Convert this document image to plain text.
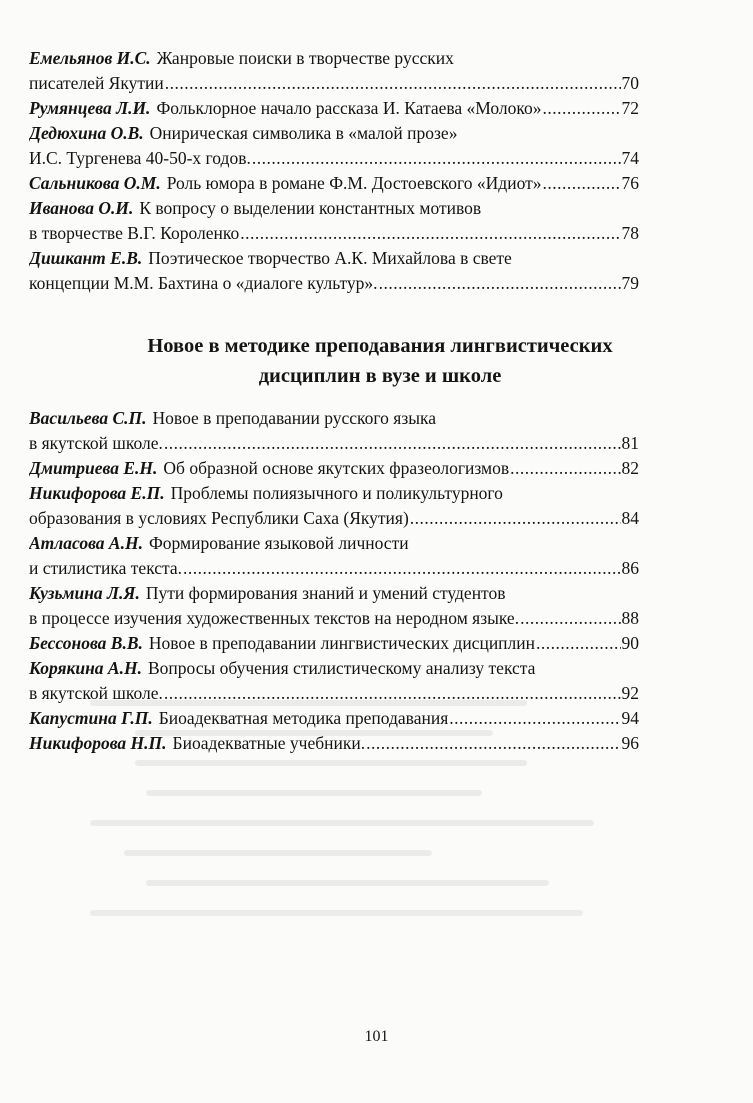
Емельянов И.С. Жанровые поиски в творчестве русских
писателей Якутии .....	70
Румянцева Л.И. Фольклорное начало рассказа И. Катаева «Молоко» .....	72
Дедюхина О.В. Онирическая символика в «малой прозе»
И.С. Тургенева 40-50-х годов. .....	74
Сальникова О.М. Роль юмора в романе Ф.М. Достоевского «Идиот» .....	76
Иванова О.И. К вопросу о выделении константных мотивов
в творчестве В.Г. Короленко .....	78
Дишкант Е.В. Поэтическое творчество А.К. Михайлова в свете
концепции М.М. Бахтина о «диалоге культур». .....	79
Новое в методике преподавания лингвистических
дисциплин в вузе и школе
Васильева С.П. Новое в преподавании русского языка
в якутской школе. .....	81
Дмитриева Е.Н. Об образной основе якутских фразеологизмов .....	82
Никифорова Е.П. Проблемы полиязычного и поликультурного
образования в условиях Республики Саха (Якутия) .....	84
Атласова А.Н. Формирование языковой личности
и стилистика текста. .....	86
Кузьмина Л.Я. Пути формирования знаний и умений студентов
в процессе изучения художественных текстов на неродном языке. .....	88
Бессонова В.В. Новое в преподавании лингвистических дисциплин .....	90
Корякина А.Н. Вопросы обучения стилистическому анализу текста
в якутской школе. .....	92
Капустина Г.П. Биоадекватная методика преподавания .....	94
Никифорова Н.П. Биоадекватные учебники. .....	96
101
